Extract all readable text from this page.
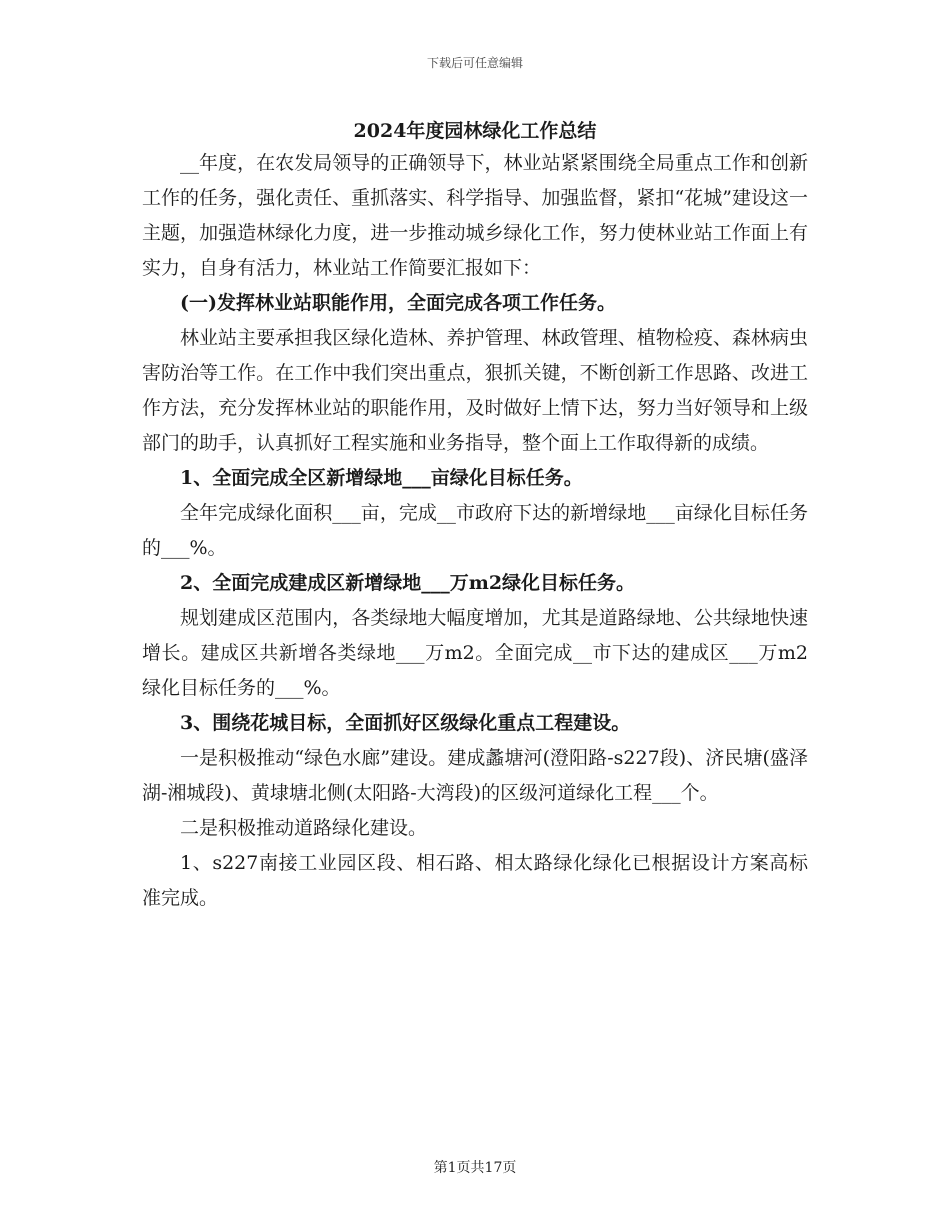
下载后可任意编辑
2024年度园林绿化工作总结

__年度，在农发局领导的正确领导下，林业站紧紧围绕全局重点工作和创新工作的任务，强化责任、重抓落实、科学指导、加强监督，紧扣“花城”建设这一主题，加强造林绿化力度，进一步推动城乡绿化工作，努力使林业站工作面上有实力，自身有活力，林业站工作简要汇报如下：

(一)发挥林业站职能作用，全面完成各项工作任务。

林业站主要承担我区绿化造林、养护管理、林政管理、植物检疫、森林病虫害防治等工作。在工作中我们突出重点，狠抓关键，不断创新工作思路、改进工作方法，充分发挥林业站的职能作用，及时做好上情下达，努力当好领导和上级部门的助手，认真抓好工程实施和业务指导，整个面上工作取得新的成绩。

1、全面完成全区新增绿地___亩绿化目标任务。

全年完成绿化面积___亩，完成__市政府下达的新增绿地___亩绿化目标任务的___%。

2、全面完成建成区新增绿地___万m2绿化目标任务。

规划建成区范围内，各类绿地大幅度增加，尤其是道路绿地、公共绿地快速增长。建成区共新增各类绿地___万m2。全面完成__市下达的建成区___万m2绿化目标任务的___%。

3、围绕花城目标，全面抓好区级绿化重点工程建设。

一是积极推动“绿色水廊”建设。建成蠡塘河(澄阳路-s227段)、济民塘(盛泽湖-湘城段)、黄埭塘北侧(太阳路-大湾段)的区级河道绿化工程___个。

二是积极推动道路绿化建设。

1、s227南接工业园区段、相石路、相太路绿化绿化已根据设计方案高标准完成。

第1页共17页
